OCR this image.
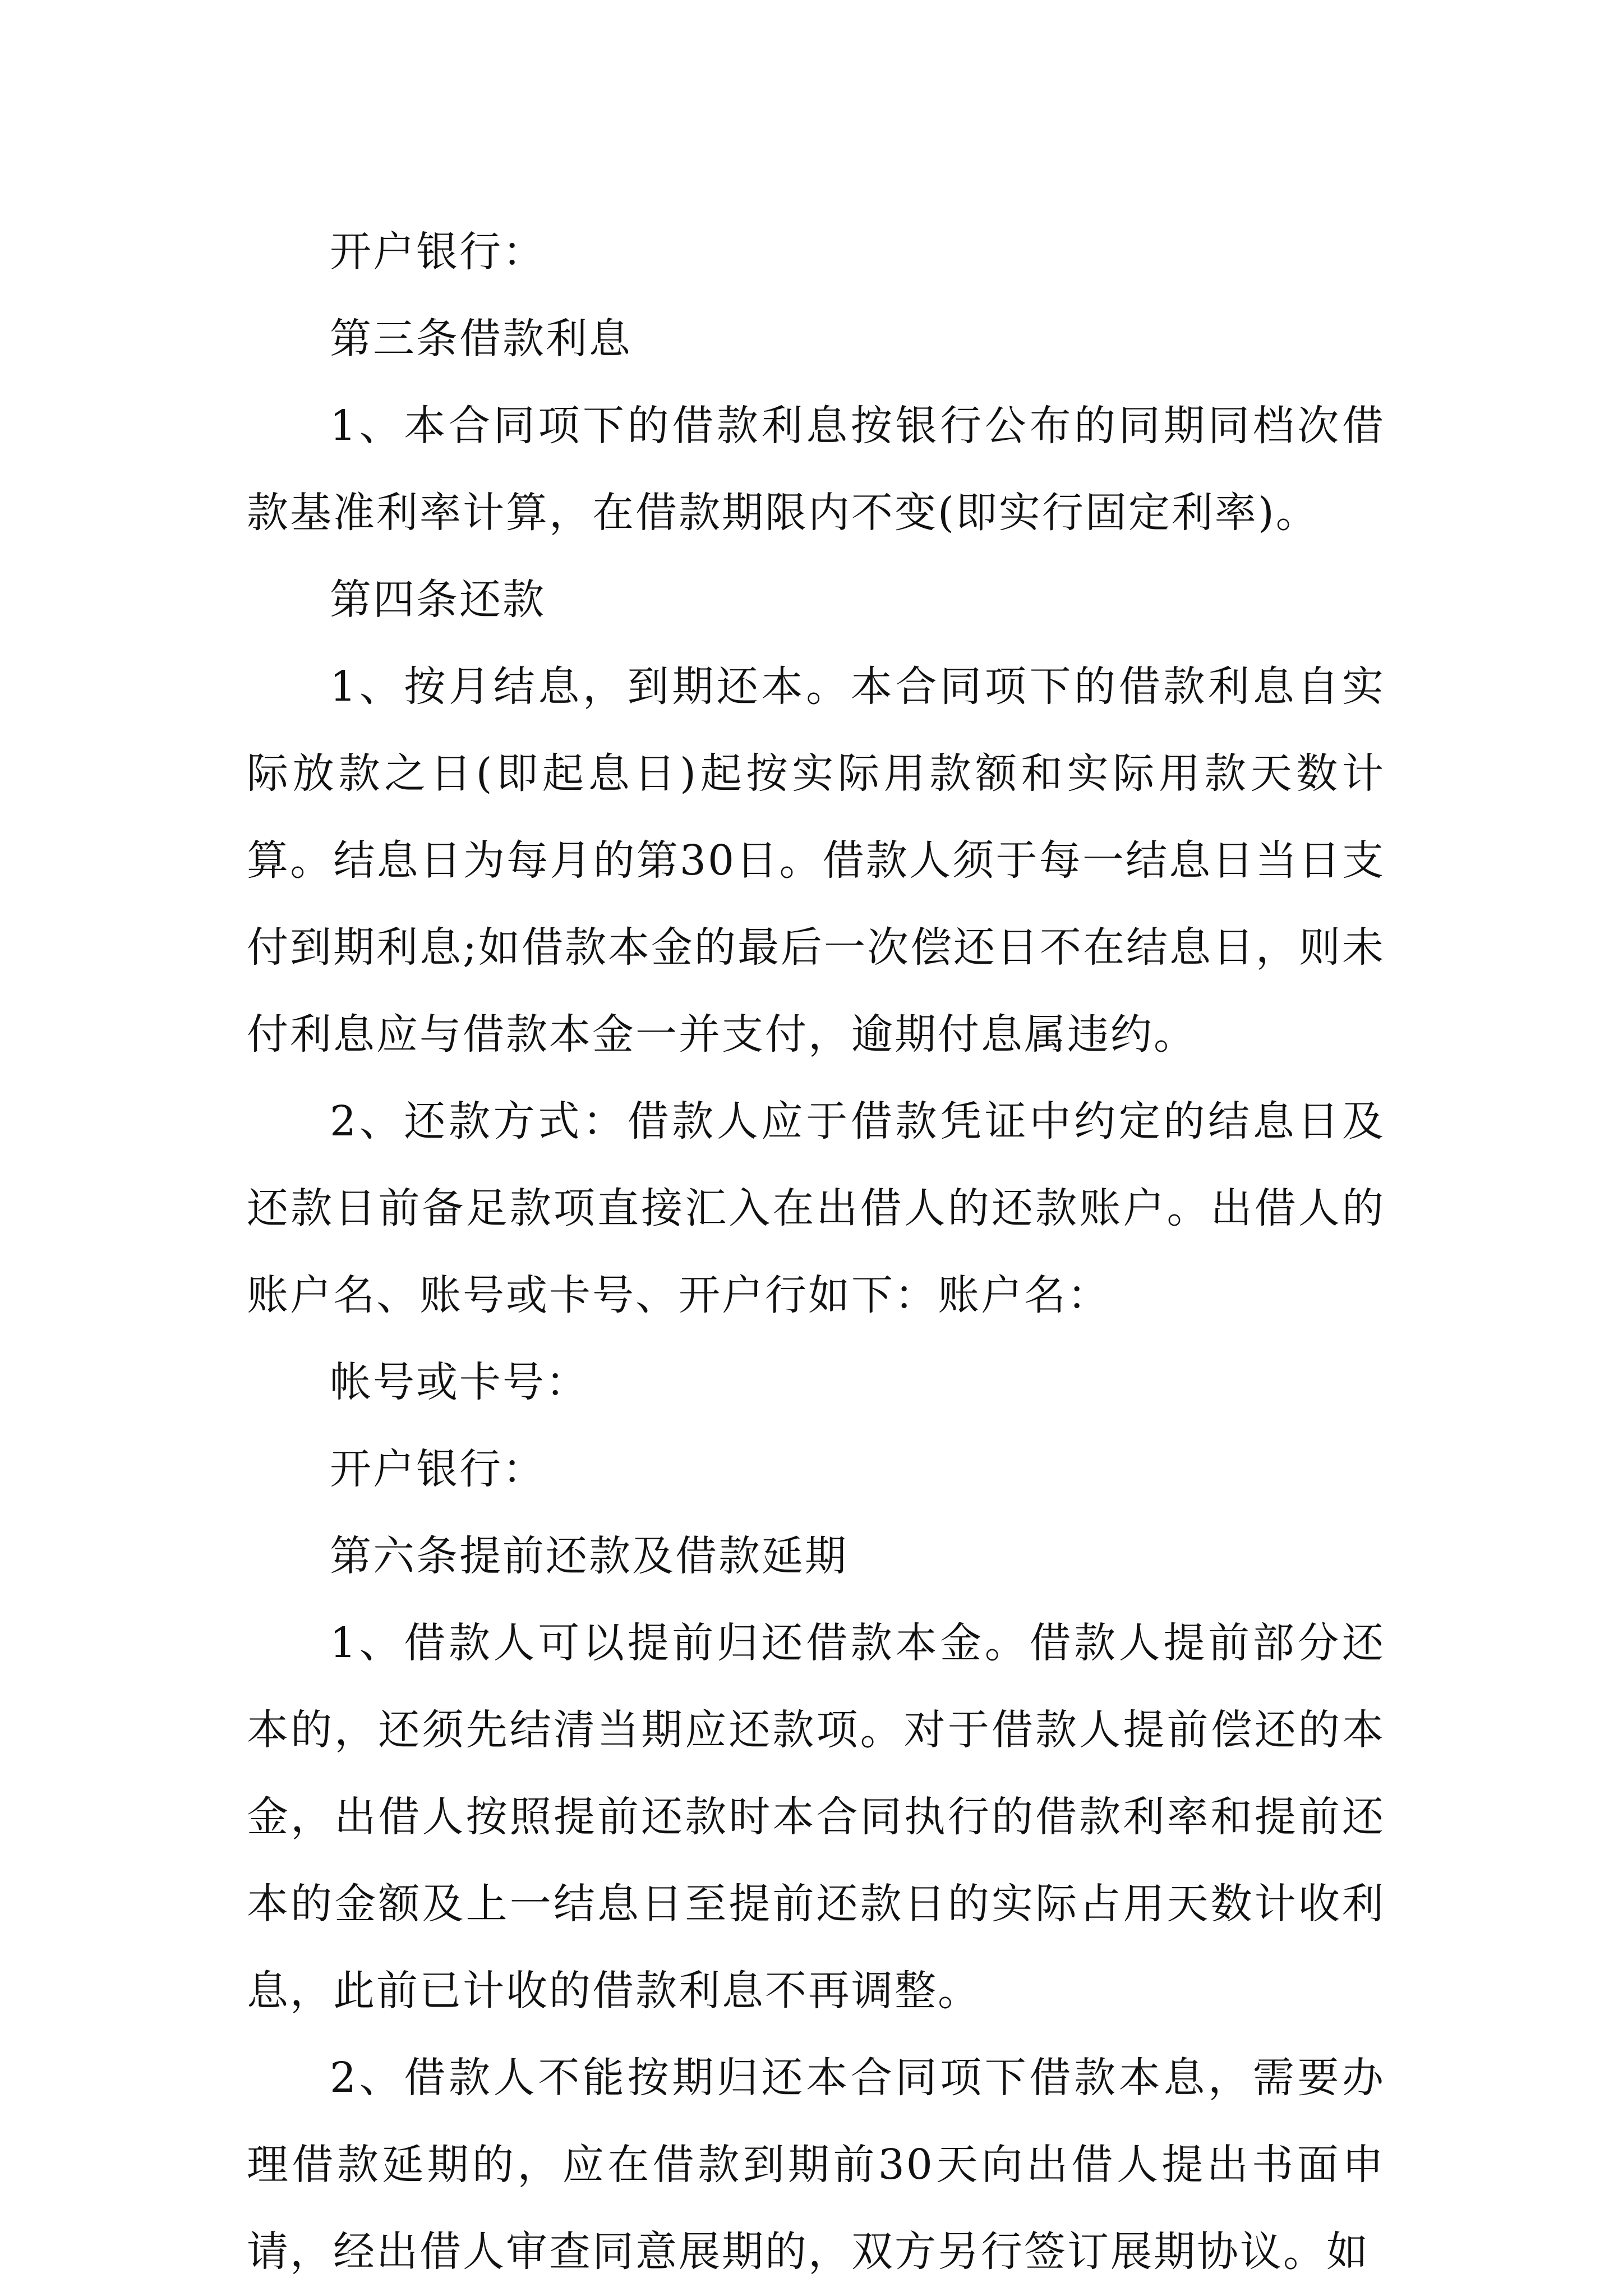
开户银行：

第三条借款利息

1、本合同项下的借款利息按银行公布的同期同档次借款基准利率计算，在借款期限内不变(即实行固定利率)。

第四条还款

1、按月结息，到期还本。本合同项下的借款利息自实际放款之日(即起息日)起按实际用款额和实际用款天数计算。结息日为每月的第30日。借款人须于每一结息日当日支付到期利息;如借款本金的最后一次偿还日不在结息日，则未付利息应与借款本金一并支付，逾期付息属违约。

2、还款方式：借款人应于借款凭证中约定的结息日及还款日前备足款项直接汇入在出借人的还款账户。出借人的账户名、账号或卡号、开户行如下：账户名：

帐号或卡号：

开户银行：

第六条提前还款及借款延期

1、借款人可以提前归还借款本金。借款人提前部分还本的，还须先结清当期应还款项。对于借款人提前偿还的本金，出借人按照提前还款时本合同执行的借款利率和提前还本的金额及上一结息日至提前还款日的实际占用天数计收利息，此前已计收的借款利息不再调整。

2、借款人不能按期归还本合同项下借款本息，需要办理借款延期的，应在借款到期前30天向出借人提出书面申请，经出借人审查同意展期的，双方另行签订展期协议。如
